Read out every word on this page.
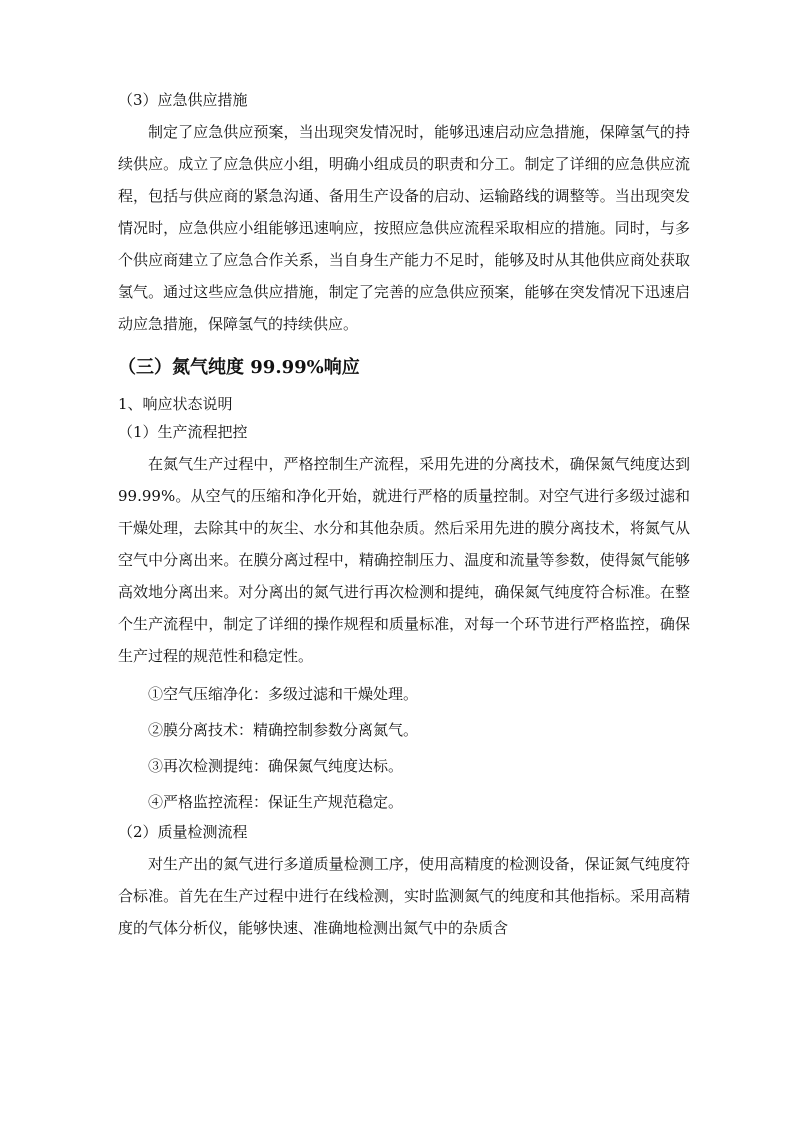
（3）应急供应措施

制定了应急供应预案，当出现突发情况时，能够迅速启动应急措施，保障氢气的持续供应。成立了应急供应小组，明确小组成员的职责和分工。制定了详细的应急供应流程，包括与供应商的紧急沟通、备用生产设备的启动、运输路线的调整等。当出现突发情况时，应急供应小组能够迅速响应，按照应急供应流程采取相应的措施。同时，与多个供应商建立了应急合作关系，当自身生产能力不足时，能够及时从其他供应商处获取氢气。通过这些应急供应措施，制定了完善的应急供应预案，能够在突发情况下迅速启动应急措施，保障氢气的持续供应。

（三）氮气纯度 99.99%响应

1、响应状态说明

（1）生产流程把控

在氮气生产过程中，严格控制生产流程，采用先进的分离技术，确保氮气纯度达到 99.99%。从空气的压缩和净化开始，就进行严格的质量控制。对空气进行多级过滤和干燥处理，去除其中的灰尘、水分和其他杂质。然后采用先进的膜分离技术，将氮气从空气中分离出来。在膜分离过程中，精确控制压力、温度和流量等参数，使得氮气能够高效地分离出来。对分离出的氮气进行再次检测和提纯，确保氮气纯度符合标准。在整个生产流程中，制定了详细的操作规程和质量标准，对每一个环节进行严格监控，确保生产过程的规范性和稳定性。

①空气压缩净化：多级过滤和干燥处理。

②膜分离技术：精确控制参数分离氮气。

③再次检测提纯：确保氮气纯度达标。

④严格监控流程：保证生产规范稳定。

（2）质量检测流程

对生产出的氮气进行多道质量检测工序，使用高精度的检测设备，保证氮气纯度符合标准。首先在生产过程中进行在线检测，实时监测氮气的纯度和其他指标。采用高精度的气体分析仪，能够快速、准确地检测出氮气中的杂质含
